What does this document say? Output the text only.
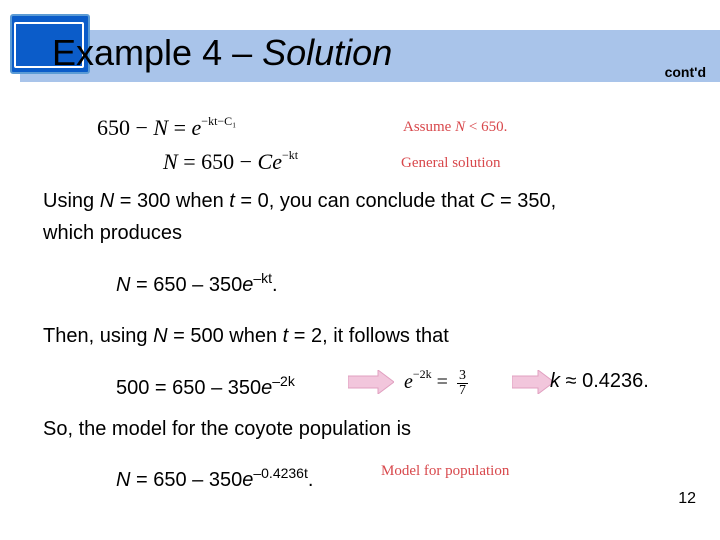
Example 4 – Solution	cont'd
$650 - N = e^{-kt-C_1}$	Assume N < 650.
$N = 650 - Ce^{-kt}$	General solution
Using N = 300 when t = 0, you can conclude that C = 350,
which produces
$N = 650 - 350e^{-kt}$.
Then, using N = 500 when t = 2, it follows that
$500 = 650 - 350e^{-2k}$	$e^{-2k} = \frac{3}{7}$	k ≈ 0.4236.
So, the model for the coyote population is
$N = 650 - 350e^{-0.4236t}$.	Model for population
12
